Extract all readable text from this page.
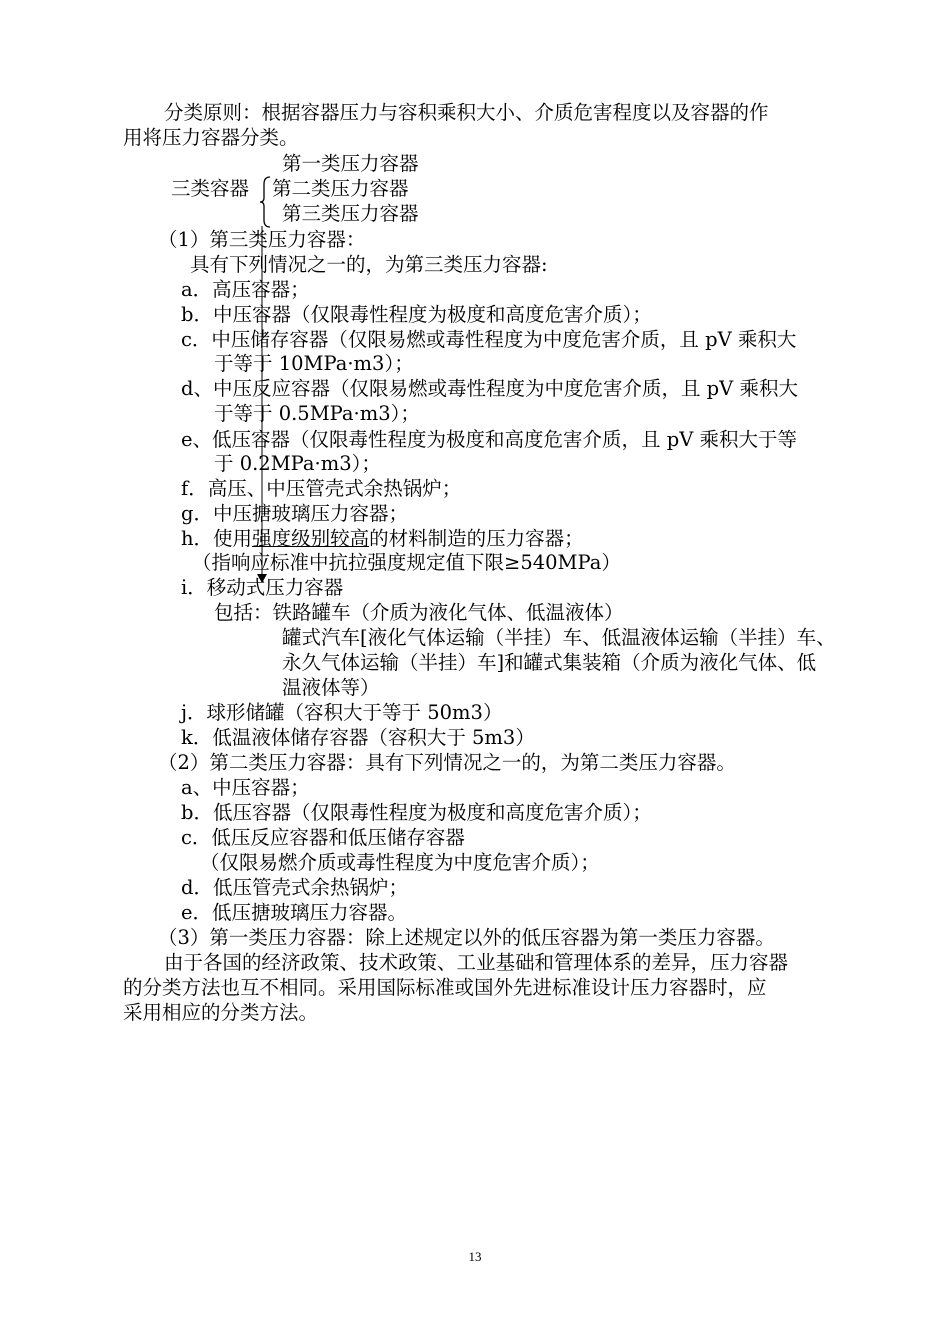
分类原则：根据容器压力与容积乘积大小、介质危害程度以及容器的作
用将压力容器分类。
第一类压力容器
三类容器 第二类压力容器
第三类压力容器
（1）第三类压力容器：
具有下列情况之一的，为第三类压力容器:
a．高压容器；
b．中压容器（仅限毒性程度为极度和高度危害介质）；
c．中压储存容器（仅限易燃或毒性程度为中度危害介质，且 pV 乘积大
于等于 10MPa·m3）；
d、中压反应容器（仅限易燃或毒性程度为中度危害介质，且 pV 乘积大
于等于 0.5MPa·m3）；
e、低压容器（仅限毒性程度为极度和高度危害介质，且 pV 乘积大于等
于 0.2MPa·m3）；
f．高压、中压管壳式余热锅炉；
g．中压搪玻璃压力容器；
h．使用强度级别较高的材料制造的压力容器；
（指响应标准中抗拉强度规定值下限≥540MPa）
i．移动式压力容器
包括：铁路罐车（介质为液化气体、低温液体）
罐式汽车[液化气体运输（半挂）车、低温液体运输（半挂）车、
永久气体运输（半挂）车]和罐式集装箱（介质为液化气体、低
温液体等）
j．球形储罐（容积大于等于 50m3）
k．低温液体储存容器（容积大于 5m3）
（2）第二类压力容器：具有下列情况之一的，为第二类压力容器。
a、中压容器；
b．低压容器（仅限毒性程度为极度和高度危害介质）；
c．低压反应容器和低压储存容器
（仅限易燃介质或毒性程度为中度危害介质）；
d．低压管壳式余热锅炉；
e．低压搪玻璃压力容器。
（3）第一类压力容器：除上述规定以外的低压容器为第一类压力容器。
由于各国的经济政策、技术政策、工业基础和管理体系的差异，压力容器
的分类方法也互不相同。采用国际标准或国外先进标准设计压力容器时，应
采用相应的分类方法。
13
